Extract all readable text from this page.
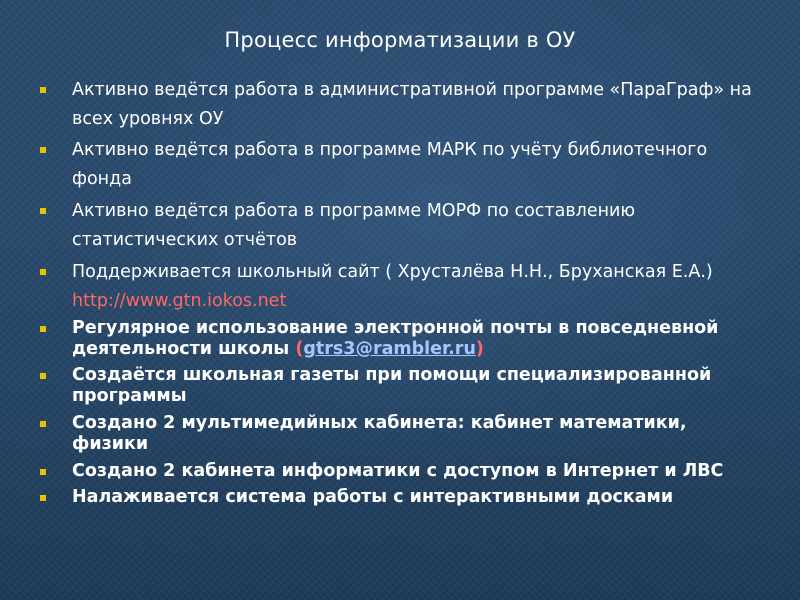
Процесс информатизации в ОУ
Активно ведётся работа в административной программе «ПараГраф» на всех уровнях ОУ
Активно ведётся работа в программе МАРК по учёту библиотечного фонда
Активно ведётся работа в программе МОРФ по составлению статистических отчётов
Поддерживается школьный сайт ( Хрусталёва Н.Н., Бруханская Е.А.) http://www.gtn.iokos.net
Регулярное использование электронной почты в повседневной деятельности школы (gtrs3@rambler.ru)
Создаётся школьная газеты при помощи специализированной программы
Создано 2 мультимедийных кабинета: кабинет математики, физики
Создано 2 кабинета информатики с доступом в Интернет и ЛВС
Налаживается система работы с интерактивными досками
